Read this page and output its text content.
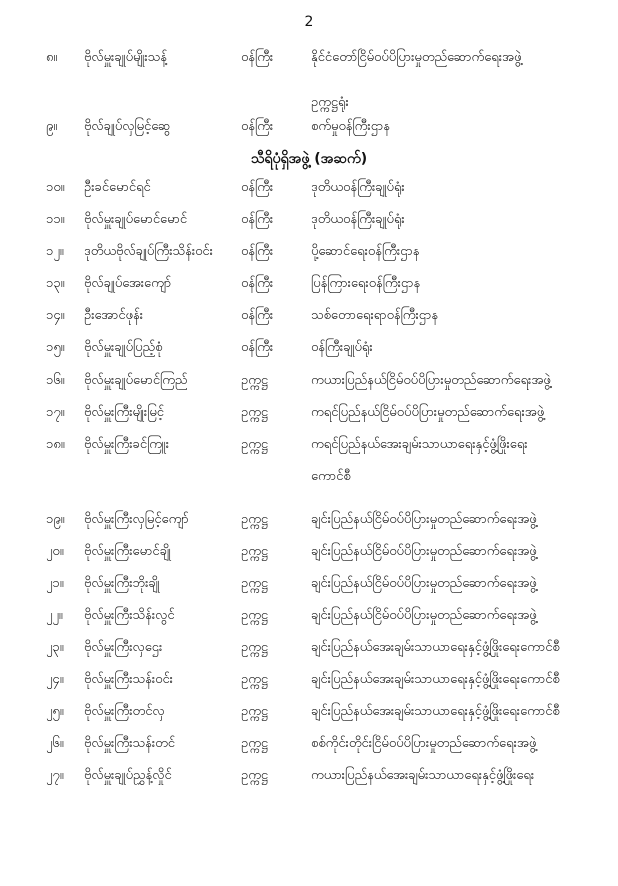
2
သီရိပုံရှိအဖွဲ့ (အဆက်)
၈။	ဗိုလ်မှူးချုပ်မျိုးသန့်	ဝန်ကြီး	နိုင်ငံတော်ငြိမ်ဝပ်ပိပြားမှုတည်ဆောက်ရေးအဖွဲ့
ဥက္ကဋ္ဌရုံး
၉။	ဗိုလ်ချုပ်လှမြင့်ဆွေ	ဝန်ကြီး	စက်မှုဝန်ကြီးဌာန
၁၀။	ဦးခင်မောင်ရင်	ဝန်ကြီး	ဒုတိယဝန်ကြီးချုပ်ရုံး
၁၁။	ဗိုလ်မှူးချုပ်မောင်မောင်	ဝန်ကြီး	ဒုတိယဝန်ကြီးချုပ်ရုံး
၁၂။	ဒုတိယဗိုလ်ချုပ်ကြီးသိန်းဝင်း	ဝန်ကြီး	ပို့ဆောင်ရေးဝန်ကြီးဌာန
၁၃။	ဗိုလ်ချုပ်အေးကျော်	ဝန်ကြီး	ပြန်ကြားရေးဝန်ကြီးဌာန
၁၄။	ဦးအောင်ဖုန်း	ဝန်ကြီး	သစ်တောရေးရာဝန်ကြီးဌာန
၁၅။	ဗိုလ်မှူးချုပ်ပြည့်စုံ	ဝန်ကြီး	ဝန်ကြီးချုပ်ရုံး
၁၆။	ဗိုလ်မှူးချုပ်မောင်ကြည်	ဥက္ကဋ္ဌ	ကယားပြည်နယ်ငြိမ်ဝပ်ပိပြားမှုတည်ဆောက်ရေးအဖွဲ့
၁၇။	ဗိုလ်မှူးကြီးမျိုးမြင့်	ဥက္ကဋ္ဌ	ကရင်ပြည်နယ်ငြိမ်ဝပ်ပိပြားမှုတည်ဆောက်ရေးအဖွဲ့
၁၈။	ဗိုလ်မှူးကြီးခင်ကြူး	ဥက္ကဋ္ဌ	ကရင်ပြည်နယ်အေးချမ်းသာယာရေးနှင့်ဖွံ့ဖြိုးရေး
ကောင်စီ
၁၉။	ဗိုလ်မှူးကြီးလှမြင့်ကျော်	ဥက္ကဋ္ဌ	ချင်းပြည်နယ်ငြိမ်ဝပ်ပိပြားမှုတည်ဆောက်ရေးအဖွဲ့
၂၀။	ဗိုလ်မှူးကြီးမောင်ချို	ဥက္ကဋ္ဌ	ချင်းပြည်နယ်ငြိမ်ဝပ်ပိပြားမှုတည်ဆောက်ရေးအဖွဲ့
၂၁။	ဗိုလ်မှူးကြီးဘိုးချို	ဥက္ကဋ္ဌ	ချင်းပြည်နယ်ငြိမ်ဝပ်ပိပြားမှုတည်ဆောက်ရေးအဖွဲ့
၂၂။	ဗိုလ်မှူးကြီးသိန်းလွင်	ဥက္ကဋ္ဌ	ချင်းပြည်နယ်ငြိမ်ဝပ်ပိပြားမှုတည်ဆောက်ရေးအဖွဲ့
၂၃။	ဗိုလ်မှူးကြီးလှဌေး	ဥက္ကဋ္ဌ	ချင်းပြည်နယ်အေးချမ်းသာယာရေးနှင့်ဖွံ့ဖြိုးရေးကောင်စီ
၂၄။	ဗိုလ်မှူးကြီးသန်းဝင်း	ဥက္ကဋ္ဌ	ချင်းပြည်နယ်အေးချမ်းသာယာရေးနှင့်ဖွံ့ဖြိုးရေးကောင်စီ
၂၅။	ဗိုလ်မှူးကြီးတင်လှ	ဥက္ကဋ္ဌ	ချင်းပြည်နယ်အေးချမ်းသာယာရေးနှင့်ဖွံ့ဖြိုးရေးကောင်စီ
၂၆။	ဗိုလ်မှူးကြီးသန်းတင်	ဥက္ကဋ္ဌ	စစ်ကိုင်းတိုင်းငြိမ်ဝပ်ပိပြားမှုတည်ဆောက်ရေးအဖွဲ့
၂၇။	ဗိုလ်မှူးချုပ်ညွှန့်လှိုင်	ဥက္ကဋ္ဌ	ကယားပြည်နယ်အေးချမ်းသာယာရေးနှင့်ဖွံ့ဖြိုးရေး
